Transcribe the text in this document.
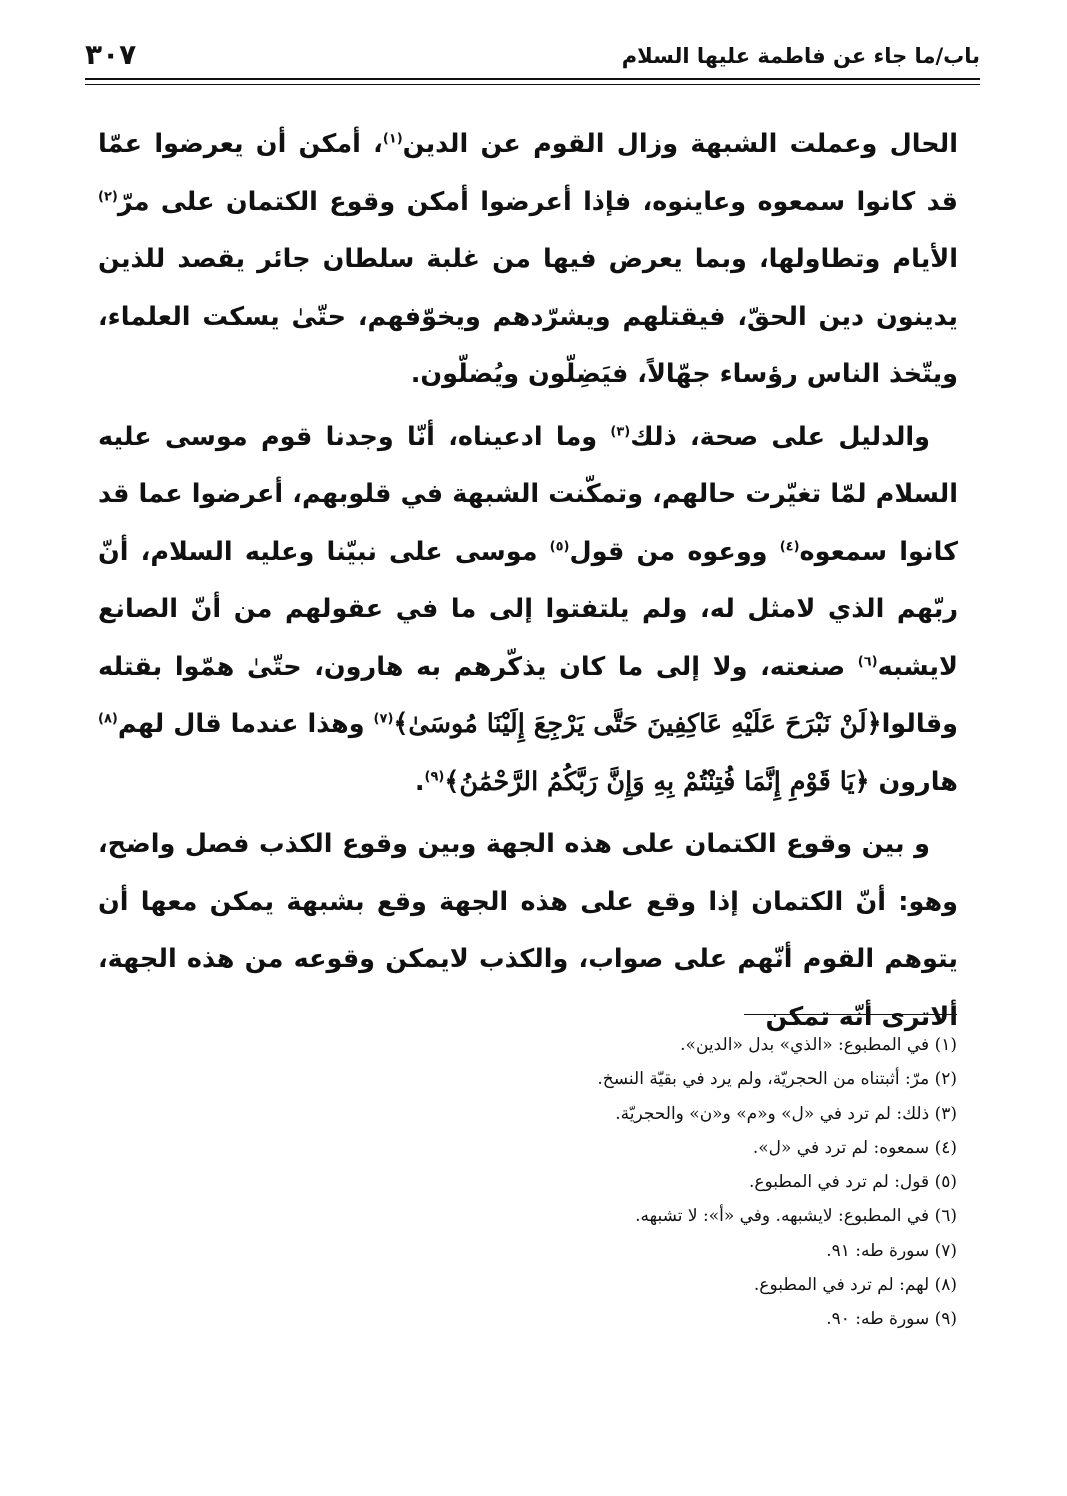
باب/ما جاء عن فاطمة عليها السلام
٣٠٧

الحال وعملت الشبهة وزال القوم عن الدين$^{(١)}$، أمكن أن يعرضوا عمّا قد كانوا سمعوه وعاينوه، فإذا أعرضوا أمكن وقوع الكتمان على مرّ$^{(٢)}$ الأيام وتطاولها، وبما يعرض فيها من غلبة سلطان جائر يقصد للذين يدينون دين الحقّ، فيقتلهم ويشرّدهم ويخوّفهم، حتّىٰ يسكت العلماء، ويتّخذ الناس رؤساء جهّالاً، فيَضِلّون ويُضلّون.

والدليل على صحة، ذلك$^{(٣)}$ وما ادعيناه، أنّا وجدنا قوم موسى عليه السلام لمّا تغيّرت حالهم، وتمكّنت الشبهة في قلوبهم، أعرضوا عما قد كانوا سمعوه$^{(٤)}$ ووعوه من قول$^{(٥)}$ موسى على نبيّنا وعليه السلام، أنّ ربّهم الذي لامثل له، ولم يلتفتوا إلى ما في عقولهم من أنّ الصانع لايشبه$^{(٦)}$ صنعته، ولا إلى ما كان يذكّرهم به هارون، حتّىٰ همّوا بقتله وقالوا﴿لَنْ نَبْرَحَ عَلَيْهِ عَاكِفِينَ حَتَّى يَرْجِعَ إِلَيْنَا مُوسَىٰ﴾$^{(٧)}$ وهذا عندما قال لهم$^{(٨)}$ هارون ﴿يَا قَوْمِ إِنَّمَا فُتِنْتُمْ بِهِ وَإِنَّ رَبَّكُمُ الرَّحْمَٰنُ﴾$^{(٩)}$.

و بين وقوع الكتمان على هذه الجهة وبين وقوع الكذب فصل واضح، وهو: أنّ الكتمان إذا وقع على هذه الجهة وقع بشبهة يمكن معها أن يتوهم القوم أنّهم على صواب، والكذب لايمكن وقوعه من هذه الجهة، ألاترى أنّه تمكن

(١) في المطبوع: «الذي» بدل «الدين».
(٢) مرّ: أثبتناه من الحجريّة، ولم يرد في بقيّة النسخ.
(٣) ذلك: لم ترد في «ل» و«م» و«ن» والحجريّة.
(٤) سمعوه: لم ترد في «ل».
(٥) قول: لم ترد في المطبوع.
(٦) في المطبوع: لايشبهه. وفي «أ»: لا تشبهه.
(٧) سورة طه: ٩١.
(٨) لهم: لم ترد في المطبوع.
(٩) سورة طه: ٩٠.
